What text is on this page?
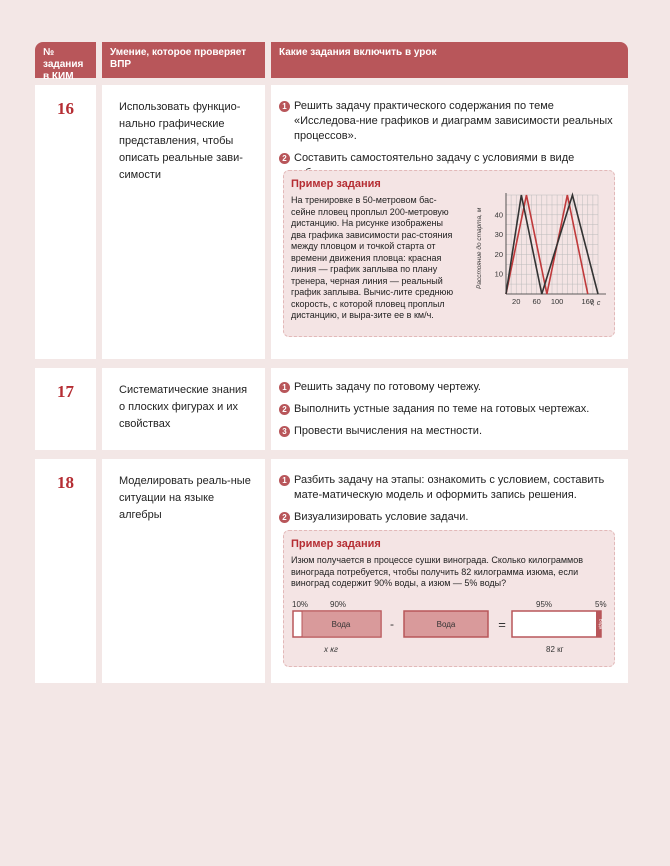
№ задания в КИМ
Умение, которое проверяет ВПР
Какие задания включить в урок
16	Использовать функцио-нально графические представления, чтобы описать реальные зави-симости
1 Решить задачу практического содержания по теме «Исследова-ние графиков и диаграмм зависимости реальных процессов».
2 Составить самостоятельно задачу с условиями в виде
Пример задания
На тренировке в 50-метровом бас-сейне пловец проплыл 200-метровую дистанцию. На рисунке изображены два графика зависимости рас-стояния между пловцом и точкой старта от времени движения пловца: красная линия — график заплыва по плану тренера, черная линия — реальный график заплыва. Вычис-лите среднюю скорость, с которой пловец проплыл дистанцию, и выра-зите ее в км/ч.
Расстояние до старта, м
t, с
20 60 100 160
40
30
20
10
17	Систематические знания о плоских фигурах и их свойствах
1 Решить задачу по готовому чертежу.
2 Выполнить устные задания по теме на готовых чертежах.
3 Провести вычисления на местности.
18	Моделировать реаль-ные ситуации на языке алгебры
1 Разбить задачу на этапы: ознакомить с условием, составить мате-матическую модель и оформить запись решения.
2 Визуализировать условие задачи.
Пример задания
Изюм получается в процессе сушки винограда. Сколько килограммов винограда потребуется, чтобы получить 82 килограмма изюма, если виноград содержит 90% воды, а изюм — 5% воды?
10%	90%	95%	5%
Вода	-	Вода	=	Вода
x кг	82 кг
